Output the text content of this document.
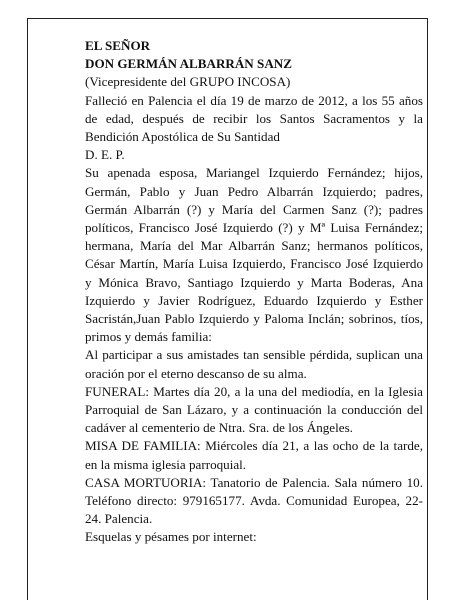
EL SEÑOR

DON GERMÁN ALBARRÁN SANZ

(Vicepresidente del GRUPO INCOSA)

Falleció en Palencia el día 19 de marzo de 2012, a los 55 años de edad, después de recibir los Santos Sacramentos y la Bendición Apostólica de Su Santidad

D. E. P.

Su apenada esposa, Mariangel Izquierdo Fernández; hijos, Germán, Pablo y Juan Pedro Albarrán Izquierdo; padres, Germán Albarrán (?) y María del Carmen Sanz (?); padres políticos, Francisco José Izquierdo (?) y Mª Luisa Fernández; hermana, María del Mar Albarrán Sanz; hermanos políticos, César Martín, María Luisa Izquierdo, Francisco José Izquierdo y Mónica Bravo, Santiago Izquierdo y Marta Boderas, Ana Izquierdo y Javier Rodríguez, Eduardo Izquierdo y Esther Sacristán,Juan Pablo Izquierdo y Paloma Inclán; sobrinos, tíos, primos y demás familia:

Al participar a sus amistades tan sensible pérdida, suplican una oración por el eterno descanso de su alma.

FUNERAL: Martes día 20, a la una del mediodía, en la Iglesia Parroquial de San Lázaro, y a continuación la conducción del cadáver al cementerio de Ntra. Sra. de los Ángeles.

MISA DE FAMILIA: Miércoles día 21, a las ocho de la tarde, en la misma iglesia parroquial.

CASA MORTUORIA: Tanatorio de Palencia. Sala número 10. Teléfono directo: 979165177. Avda. Comunidad Europea, 22-24. Palencia.

Esquelas y pésames por internet:
